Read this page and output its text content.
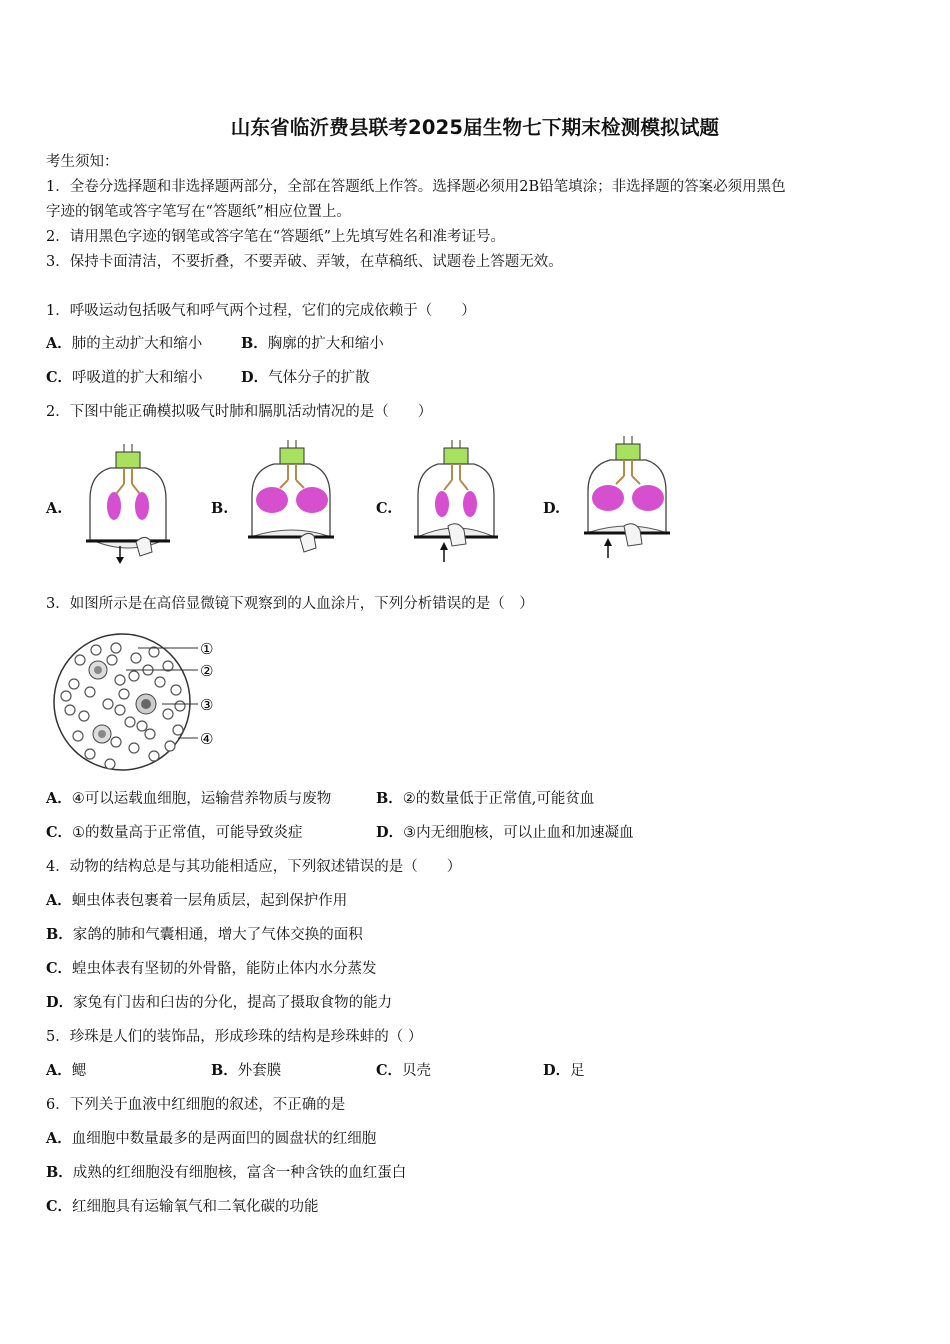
山东省临沂费县联考2025届生物七下期末检测模拟试题
考生须知：
1．全卷分选择题和非选择题两部分，全部在答题纸上作答。选择题必须用2B铅笔填涂；非选择题的答案必须用黑色
字迹的钢笔或答字笔写在“答题纸”相应位置上。
2．请用黑色字迹的钢笔或答字笔在“答题纸”上先填写姓名和准考证号。
3．保持卡面清洁，不要折叠，不要弄破、弄皱，在草稿纸、试题卷上答题无效。
1．呼吸运动包括吸气和呼气两个过程，它们的完成依赖于（　　）
A．肺的主动扩大和缩小	B．胸廓的扩大和缩小
C．呼吸道的扩大和缩小	D．气体分子的扩散
2．下图中能正确模拟吸气时肺和膈肌活动情况的是（　　）
A.	B.	C.	D.
3．如图所示是在高倍显微镜下观察到的人血涂片，下列分析错误的是（　）
①
②
③
④
A．④可以运载血细胞，运输营养物质与废物	B．②的数量低于正常值,可能贫血
C．①的数量高于正常值，可能导致炎症	D．③内无细胞核，可以止血和加速凝血
4．动物的结构总是与其功能相适应，下列叙述错误的是（　　）
A．蛔虫体表包裹着一层角质层，起到保护作用
B．家鸽的肺和气囊相通，增大了气体交换的面积
C．蝗虫体表有坚韧的外骨骼，能防止体内水分蒸发
D．家兔有门齿和臼齿的分化，提高了摄取食物的能力
5．珍珠是人们的装饰品，形成珍珠的结构是珍珠蚌的（ ）
A．鳃	B．外套膜	C．贝壳	D．足
6．下列关于血液中红细胞的叙述，不正确的是
A．血细胞中数量最多的是两面凹的圆盘状的红细胞
B．成熟的红细胞没有细胞核，富含一种含铁的血红蛋白
C．红细胞具有运输氧气和二氧化碳的功能
